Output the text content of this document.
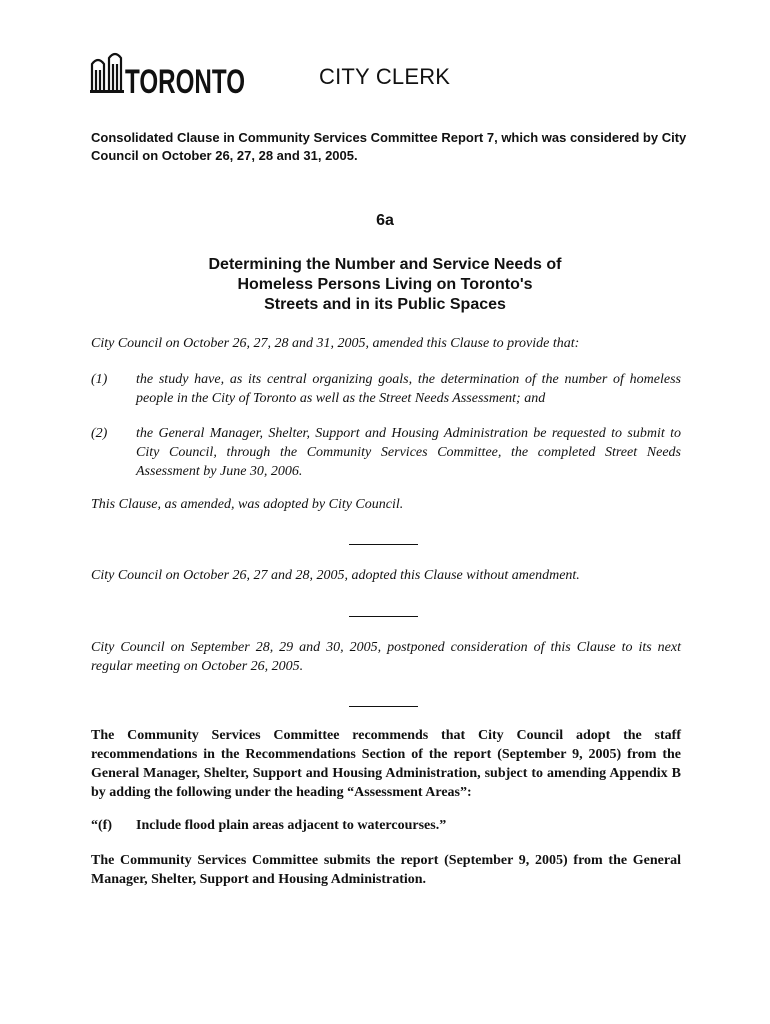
TORONTO	CITY CLERK
Consolidated Clause in Community Services Committee Report 7, which was considered by City Council on October 26, 27, 28 and 31, 2005.
6a
Determining the Number and Service Needs of
Homeless Persons Living on Toronto's
Streets and in its Public Spaces
City Council on October 26, 27, 28 and 31, 2005, amended this Clause to provide that:
(1) the study have, as its central organizing goals, the determination of the number of homeless people in the City of Toronto as well as the Street Needs Assessment; and
(2) the General Manager, Shelter, Support and Housing Administration be requested to submit to City Council, through the Community Services Committee, the completed Street Needs Assessment by June 30, 2006.
This Clause, as amended, was adopted by City Council.
City Council on October 26, 27 and 28, 2005, adopted this Clause without amendment.
City Council on September 28, 29 and 30, 2005, postponed consideration of this Clause to its next regular meeting on October 26, 2005.
The Community Services Committee recommends that City Council adopt the staff recommendations in the Recommendations Section of the report (September 9, 2005) from the General Manager, Shelter, Support and Housing Administration, subject to amending Appendix B by adding the following under the heading “Assessment Areas”:
“(f) Include flood plain areas adjacent to watercourses.”
The Community Services Committee submits the report (September 9, 2005) from the General Manager, Shelter, Support and Housing Administration.
